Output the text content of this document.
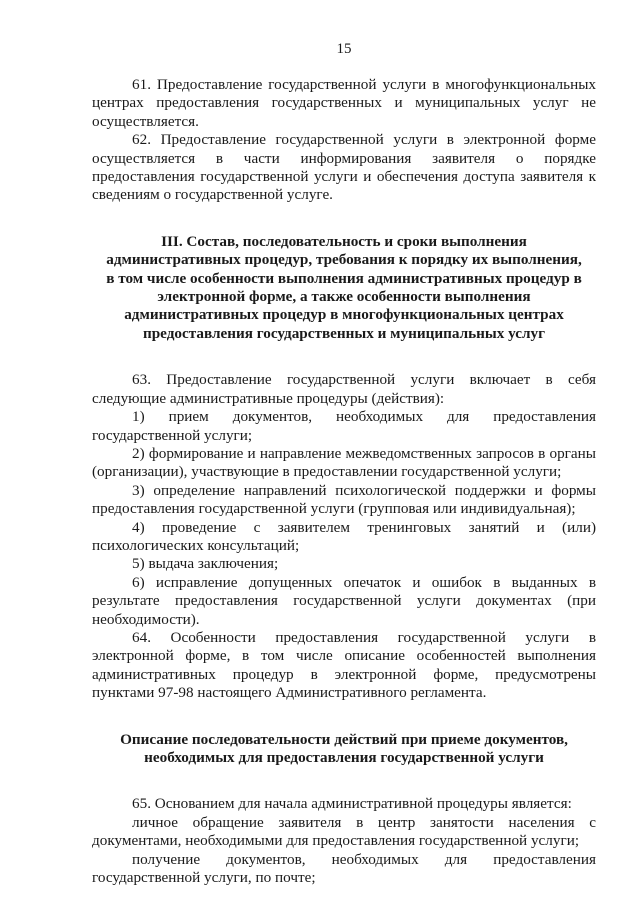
15

61. Предоставление государственной услуги в многофункциональных центрах предоставления государственных и муниципальных услуг не осуществляется.

62. Предоставление государственной услуги в электронной форме осуществляется в части информирования заявителя о порядке предоставления государственной услуги и обеспечения доступа заявителя к сведениям о государственной услуге.

III. Состав, последовательность и сроки выполнения
административных процедур, требования к порядку их выполнения,
в том числе особенности выполнения административных процедур в
электронной форме, а также особенности выполнения
административных процедур в многофункциональных центрах
предоставления государственных и муниципальных услуг

63. Предоставление государственной услуги включает в себя следующие административные процедуры (действия):

1) прием документов, необходимых для предоставления государственной услуги;

2) формирование и направление межведомственных запросов в органы (организации), участвующие в предоставлении государственной услуги;

3) определение направлений психологической поддержки и формы предоставления государственной услуги (групповая или индивидуальная);

4) проведение с заявителем тренинговых занятий и (или) психологических консультаций;

5) выдача заключения;

6) исправление допущенных опечаток и ошибок в выданных в результате предоставления государственной услуги документах (при необходимости).

64. Особенности предоставления государственной услуги в электронной форме, в том числе описание особенностей выполнения административных процедур в электронной форме, предусмотрены пунктами 97-98 настоящего Административного регламента.

Описание последовательности действий при приеме документов,
необходимых для предоставления государственной услуги

65. Основанием для начала административной процедуры является:

личное обращение заявителя в центр занятости населения с документами, необходимыми для предоставления государственной услуги;

получение документов, необходимых для предоставления государственной услуги, по почте;
